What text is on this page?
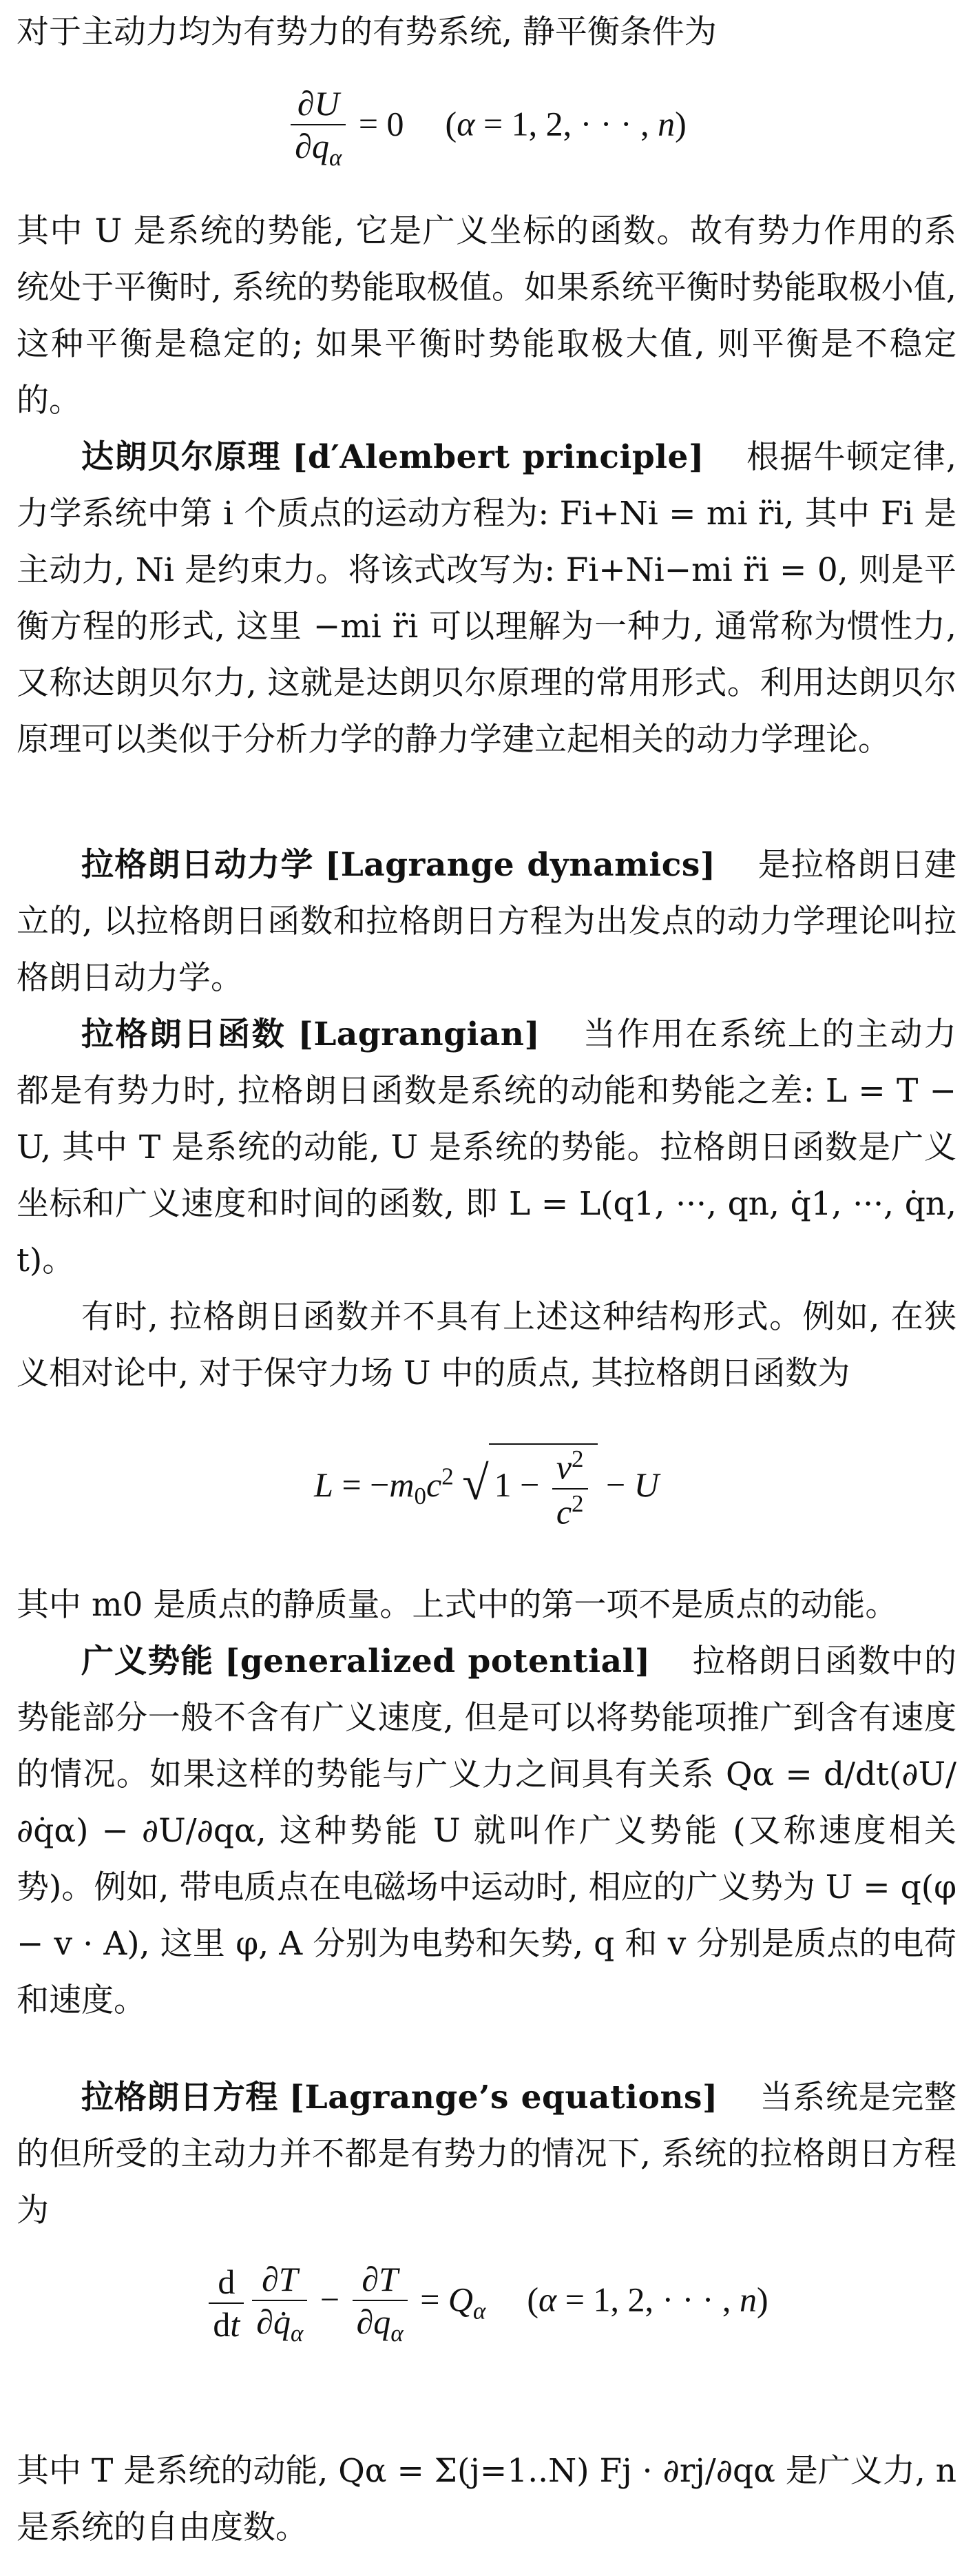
对于主动力均为有势力的有势系统, 静平衡条件为

$\frac{\partial U}{\partial q_\alpha} = 0$ (α = 1, 2, · · · , n)

其中 U 是系统的势能, 它是广义坐标的函数。故有势力作用的系统处于平衡时, 系统的势能取极值。如果系统平衡时势能取极小值, 这种平衡是稳定的; 如果平衡时势能取极大值, 则平衡是不稳定的。

达朗贝尔原理 [d′Alembert principle] 根据牛顿定律, 力学系统中第 i 个质点的运动方程为: Fi+Ni = mi r̈i, 其中 Fi 是主动力, Ni 是约束力。将该式改写为: Fi+Ni−mi r̈i = 0, 则是平衡方程的形式, 这里 −mi r̈i 可以理解为一种力, 通常称为惯性力, 又称达朗贝尔力, 这就是达朗贝尔原理的常用形式。利用达朗贝尔原理可以类似于分析力学的静力学建立起相关的动力学理论。
拉格朗日动力学 [Lagrange dynamics] 是拉格朗日建立的, 以拉格朗日函数和拉格朗日方程为出发点的动力学理论叫拉格朗日动力学。
拉格朗日函数 [Lagrangian] 当作用在系统上的主动力都是有势力时, 拉格朗日函数是系统的动能和势能之差: L = T − U, 其中 T 是系统的动能, U 是系统的势能。拉格朗日函数是广义坐标和广义速度和时间的函数, 即 L = L(q1, ···, qn, q̇1, ···, q̇n, t)。

有时, 拉格朗日函数并不具有上述这种结构形式。例如, 在狭义相对论中, 对于保守力场 U 中的质点, 其拉格朗日函数为

$L = -m_0c^2$ √ $1 - \frac{v^2}{c^2} - U$

其中 m0 是质点的静质量。上式中的第一项不是质点的动能。

广义势能 [generalized potential] 拉格朗日函数中的势能部分一般不含有广义速度, 但是可以将势能项推广到含有速度的情况。如果这样的势能与广义力之间具有关系 Qα = d/dt(∂U/∂q̇α) − ∂U/∂qα, 这种势能 U 就叫作广义势能 (又称速度相关势)。例如, 带电质点在电磁场中运动时, 相应的广义势为 U = q(φ − v · A), 这里 φ, A 分别为电势和矢势, q 和 v 分别是质点的电荷和速度。
拉格朗日方程 [Lagrange’s equations] 当系统是完整的但所受的主动力并不都是有势力的情况下, 系统的拉格朗日方程为
$\frac{d}{dt} \frac{\partial T}{\partial q̇_\alpha} - \frac{\partial T}{\partial q_\alpha} = Q_\alpha$ (α = 1, 2, · · · , n)

其中 T 是系统的动能, Qα = Σ(j=1..N) Fj · ∂rj/∂qα 是广义力, n 是系统的自由度数。
